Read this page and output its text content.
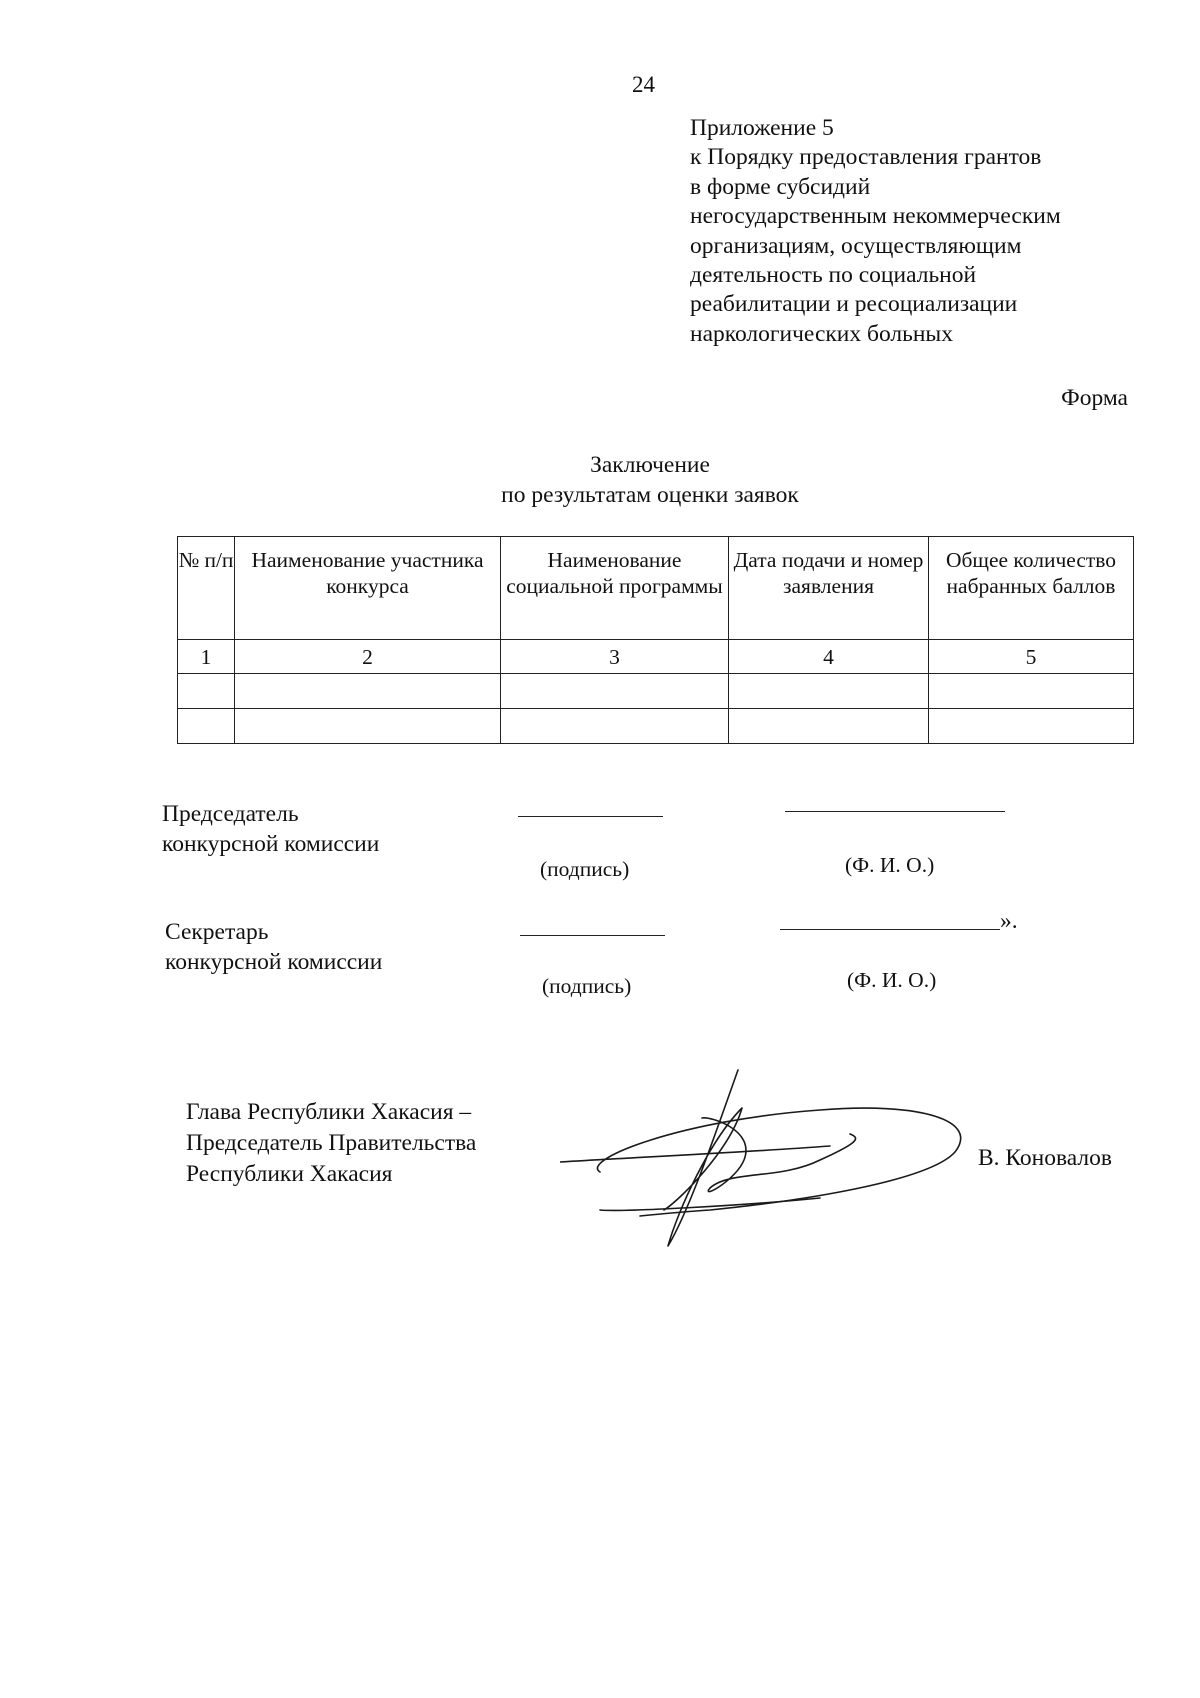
24
Приложение 5
к Порядку предоставления грантов
в форме субсидий
негосударственным некоммерческим
организациям, осуществляющим
деятельность по социальной
реабилитации и ресоциализации
наркологических больных
Форма
Заключение
по результатам оценки заявок
№ п/п	Наименование участника конкурса	Наименование социальной программы	Дата подачи и номер заявления	Общее количество набранных баллов
1	2	3	4	5

Председатель
конкурсной комиссии
(подпись)	(Ф. И. О.)
Секретарь
конкурсной комиссии
».
(подпись)	(Ф. И. О.)
Глава Республики Хакасия –
Председатель Правительства
Республики Хакасия
В. Коновалов
